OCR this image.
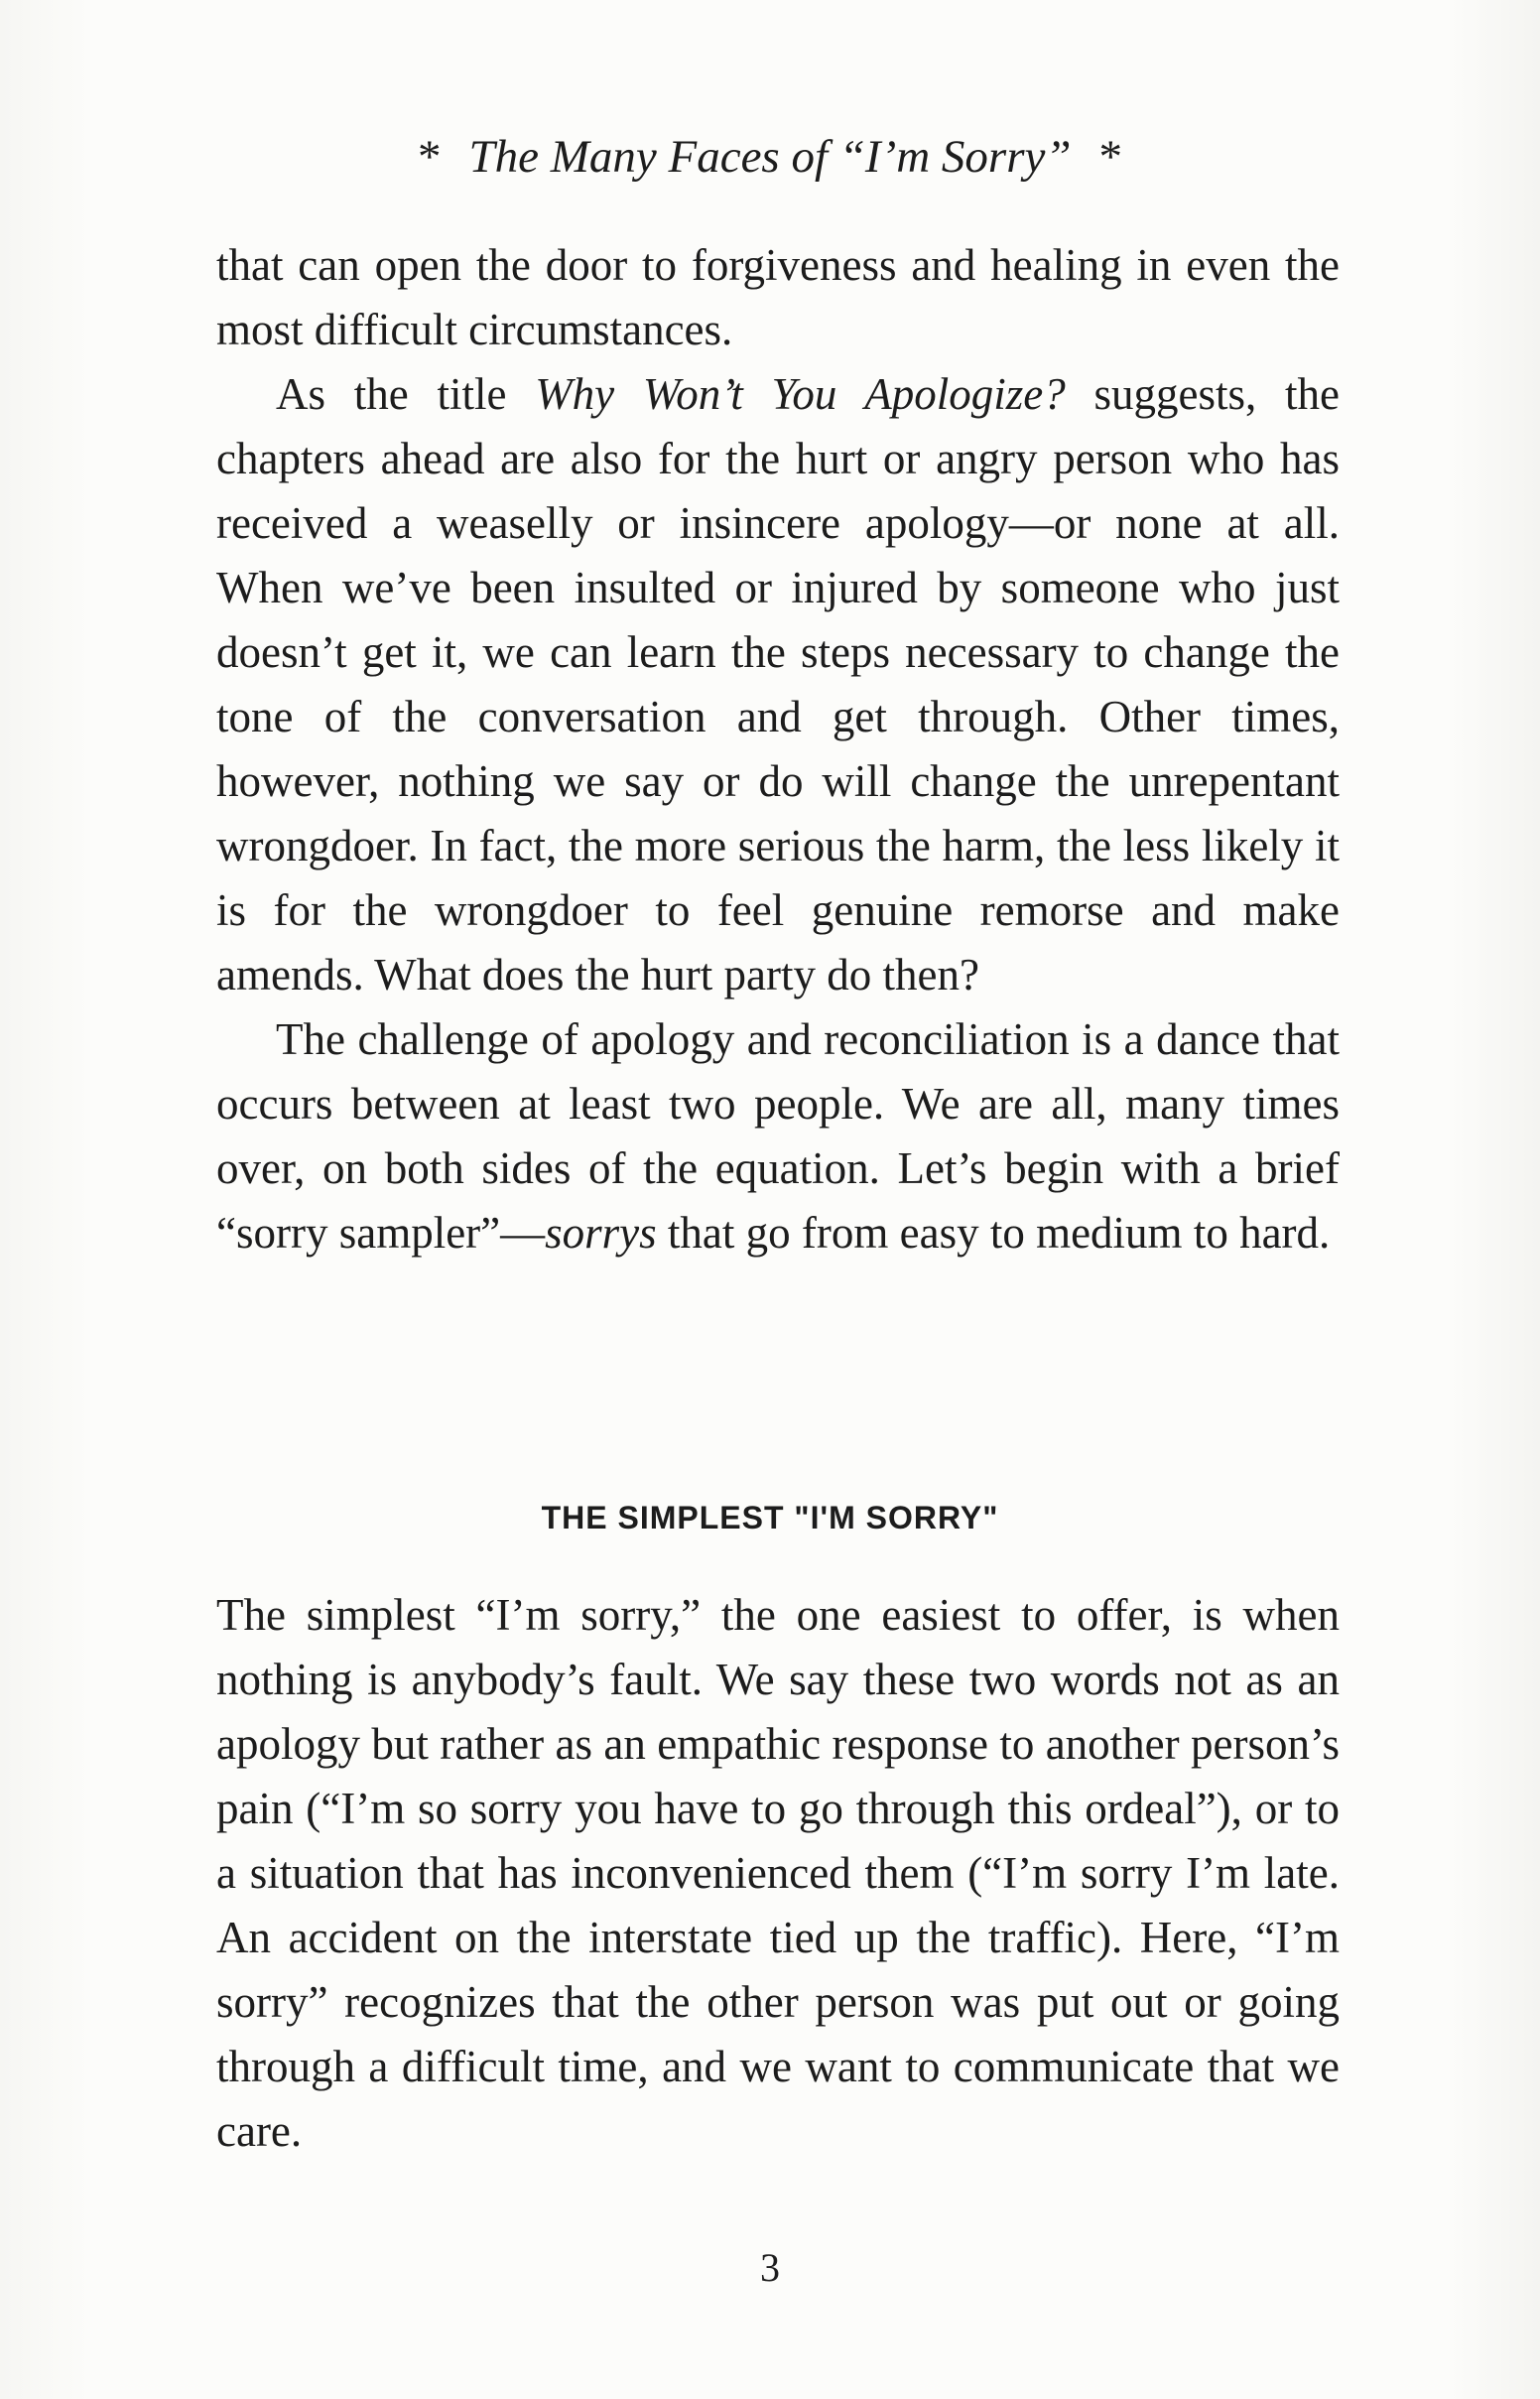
* The Many Faces of “I’m Sorry” *

that can open the door to forgiveness and healing in even the most difficult circumstances.

As the title Why Won’t You Apologize? suggests, the chapters ahead are also for the hurt or angry person who has received a weaselly or insincere apology—or none at all. When we’ve been insulted or injured by someone who just doesn’t get it, we can learn the steps necessary to change the tone of the conversation and get through. Other times, however, nothing we say or do will change the unrepentant wrongdoer. In fact, the more serious the harm, the less likely it is for the wrongdoer to feel genuine remorse and make amends. What does the hurt party do then?

The challenge of apology and reconciliation is a dance that occurs between at least two people. We are all, many times over, on both sides of the equation. Let’s begin with a brief “sorry sampler”—sorrys that go from easy to medium to hard.

THE SIMPLEST "I'M SORRY"

The simplest “I’m sorry,” the one easiest to offer, is when nothing is anybody’s fault. We say these two words not as an apology but rather as an empathic response to another person’s pain (“I’m so sorry you have to go through this ordeal”), or to a situation that has inconvenienced them (“I’m sorry I’m late. An accident on the interstate tied up the traffic). Here, “I’m sorry” recognizes that the other person was put out or going through a difficult time, and we want to communicate that we care.

3
